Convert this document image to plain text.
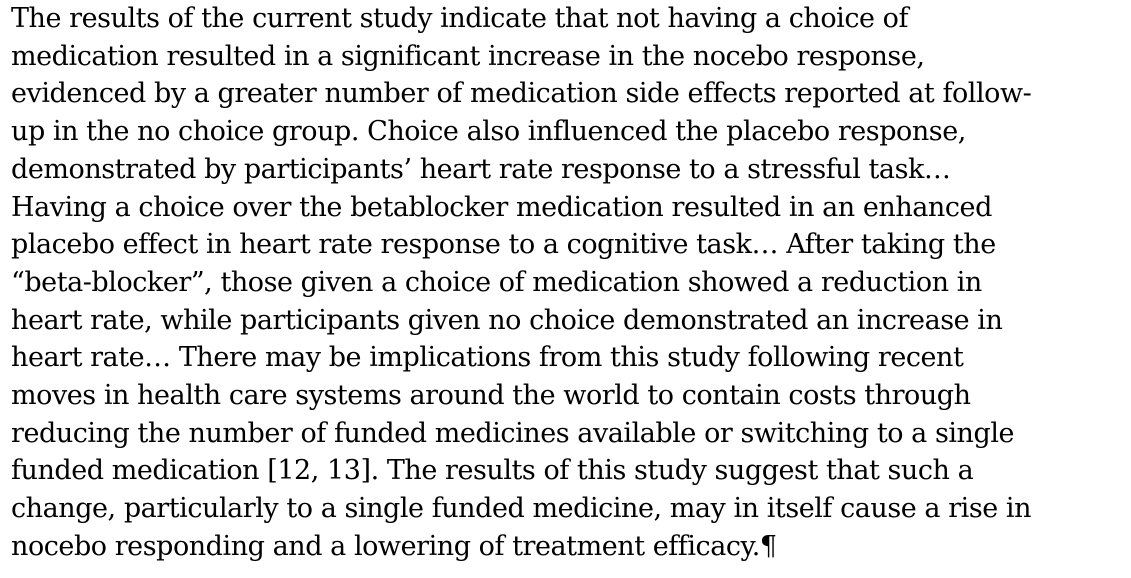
The results of the current study indicate that not having a choice of
medication resulted in a significant increase in the nocebo response,
evidenced by a greater number of medication side effects reported at follow-
up in the no choice group. Choice also influenced the placebo response,
demonstrated by participants’ heart rate response to a stressful task…
Having a choice over the betablocker medication resulted in an enhanced
placebo effect in heart rate response to a cognitive task… After taking the
“beta-blocker”, those given a choice of medication showed a reduction in
heart rate, while participants given no choice demonstrated an increase in
heart rate… There may be implications from this study following recent
moves in health care systems around the world to contain costs through
reducing the number of funded medicines available or switching to a single
funded medication [12, 13]. The results of this study suggest that such a
change, particularly to a single funded medicine, may in itself cause a rise in
nocebo responding and a lowering of treatment efficacy.¶
